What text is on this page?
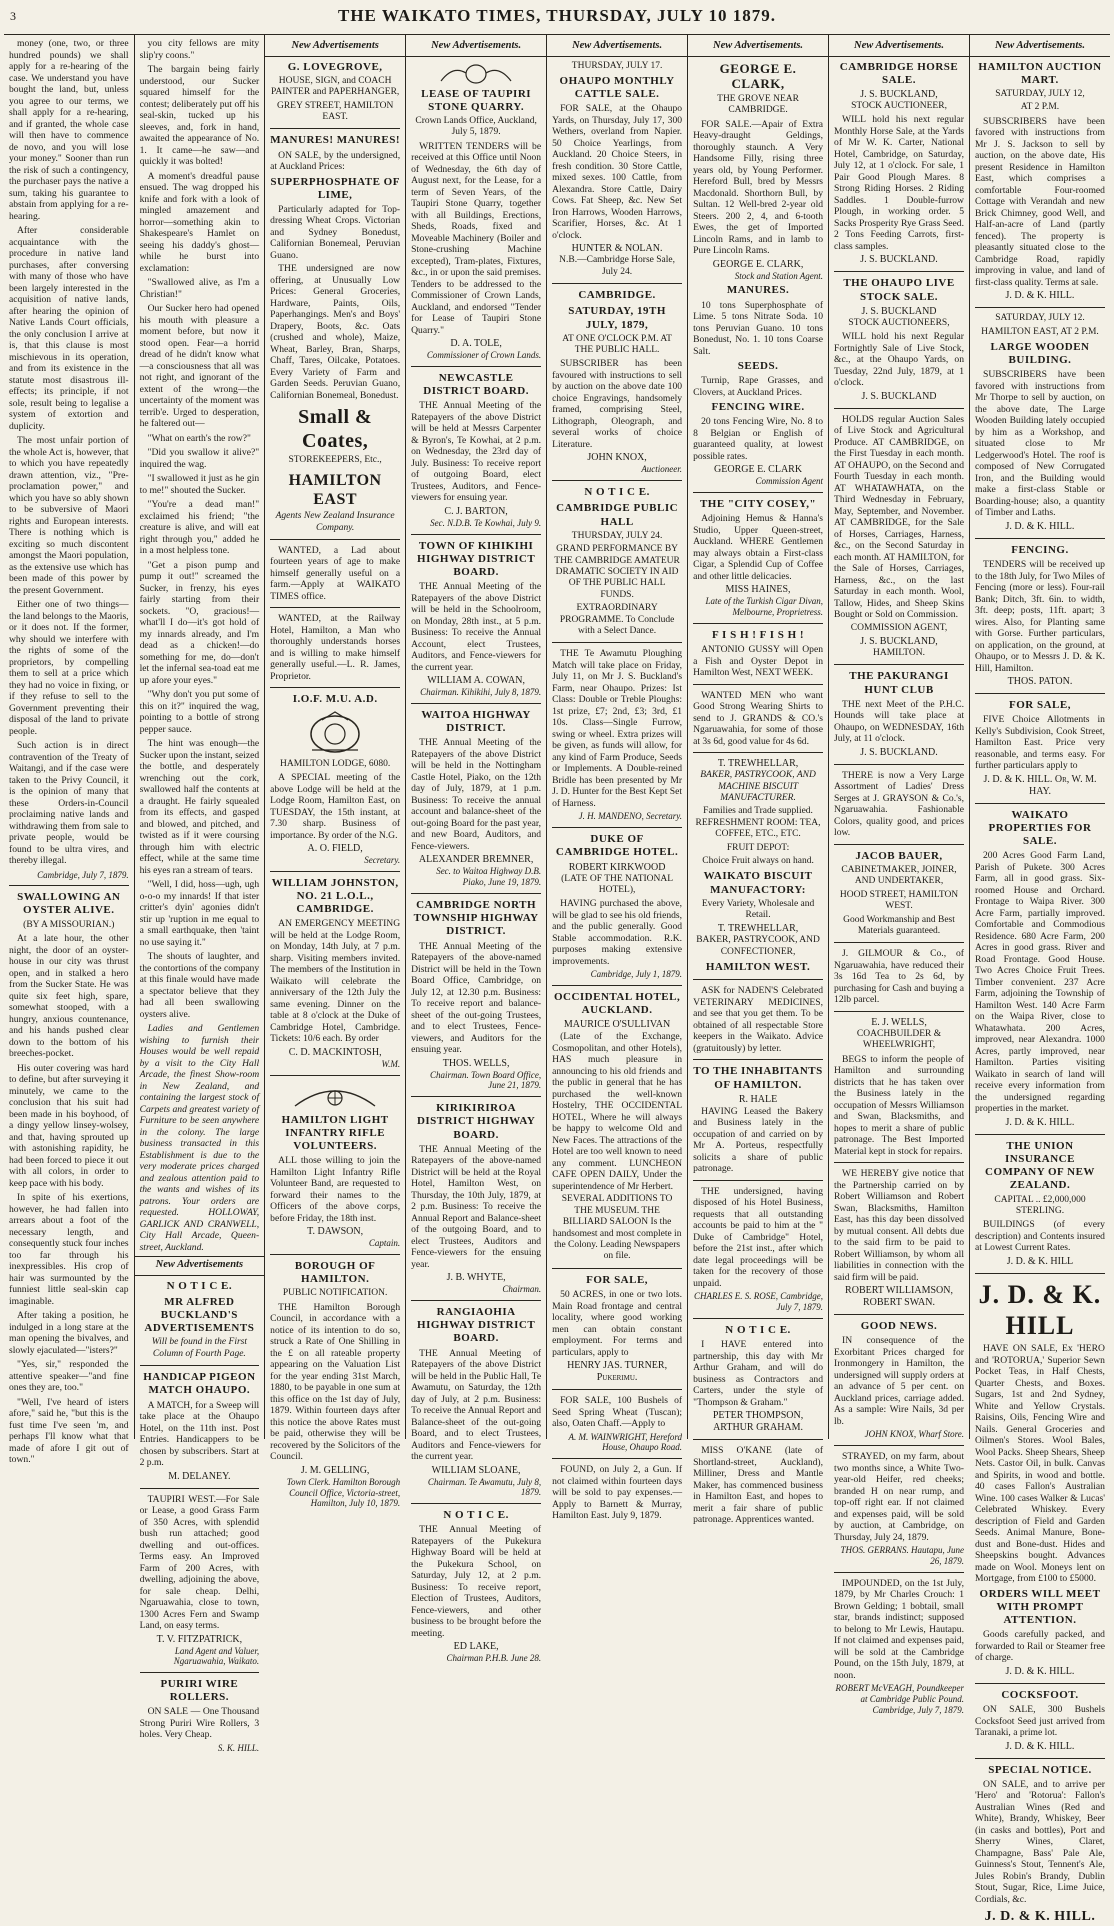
3	THE WAIKATO TIMES, THURSDAY, JULY 10 1879.

money (one, two, or three hundred pounds) we shall apply for a re-hearing of the case. We understand you have bought the land, but, unless you agree to our terms, we shall apply for a re-hearing, and if granted, the whole case will then have to commence de novo, and you will lose your money." Sooner than run the risk of such a contingency, the purchaser pays the native a sum, taking his guarantee to abstain from applying for a re-hearing.

After considerable acquaintance with the procedure in native land purchases, after conversing with many of those who have been largely interested in the acquisition of native lands, after hearing the opinion of Native Lands Court officials, the only conclusion I arrive at is, that this clause is most mischievous in its operation, and from its existence in the statute most disastrous ill-effects; its principle, if not sole, result being to legalise a system of extortion and duplicity.

The most unfair portion of the whole Act is, however, that to which you have repeatedly drawn attention, viz., "Pre-proclamation power," and which you have so ably shown to be subversive of Maori rights and European interests. There is nothing which is exciting so much discontent amongst the Maori population, as the extensive use which has been made of this power by the present Government.

Either one of two things—the land belongs to the Maoris, or it does not. If the former, why should we interfere with the rights of some of the proprietors, by compelling them to sell at a price which they had no voice in fixing, or if they refuse to sell to the Government preventing their disposal of the land to private people.

Such action is in direct contravention of the Treaty of Waitangi, and if the case were taken to the Privy Council, it is the opinion of many that these Orders-in-Council proclaiming native lands and withdrawing them from sale to private people, would be found to be ultra vires, and thereby illegal.

Cambridge, July 7, 1879.

SWALLOWING AN OYSTER ALIVE.
(BY A MISSOURIAN.)

At a late hour, the other night, the door of an oyster-house in our city was thrust open, and in stalked a hero from the Sucker State. He was quite six feet high, spare, somewhat stooped, with a hungry, anxious countenance, and his hands pushed clear down to the bottom of his breeches-pocket.

His outer covering was hard to define, but after surveying it minutely, we came to the conclusion that his suit had been made in his boyhood, of a dingy yellow linsey-wolsey, and that, having sprouted up with astonishing rapidity, he had been forced to piece it out with all colors, in order to keep pace with his body.

In spite of his exertions, however, he had fallen into arrears about a foot of the necessary length, and consequently stuck four inches too far through his inexpressibles. His crop of hair was surmounted by the funniest little seal-skin cap imaginable.

After taking a position, he indulged in a long stare at the man opening the bivalves, and slowly ejaculated—"isters?"

"Yes, sir," responded the attentive speaker—"and fine ones they are, too."

"Well, I've heard of isters afore," said he, "but this is the fust time I've seen 'm, and perhaps I'll know what that made of afore I git out of town."

you city fellows are mity slip'ry coons."

The bargain being fairly understood, our Sucker squared himself for the contest; deliberately put off his seal-skin, tucked up his sleeves, and, fork in hand, awaited the appearance of No. 1. It came—he saw—and quickly it was bolted!

A moment's dreadful pause ensued. The wag dropped his knife and fork with a look of mingled amazement and horror—something akin to Shakespeare's Hamlet on seeing his daddy's ghost—while he burst into exclamation:

"Swallowed alive, as I'm a Christian!"

Our Sucker hero had opened his mouth with pleasure a moment before, but now it stood open. Fear—a horrid dread of he didn't know what—a consciousness that all was not right, and ignorant of the extent of the wrong—the uncertainty of the moment was terrib'e. Urged to desperation, he faltered out—

"What on earth's the row?"

"Did you swallow it alive?" inquired the wag.

"I swallowed it just as he gin to me!" shouted the Sucker.

"You're a dead man!" exclaimed his friend; "the creature is alive, and will eat right through you," added he in a most helpless tone.

"Get a pison pump and pump it out!" screamed the Sucker, in frenzy, his eyes fairly starting from their sockets. "O, gracious!—what'll I do—it's got hold of my innards already, and I'm dead as a chicken!—do something for me, do—don't let the infernal sea-toad eat me up afore your eyes."

"Why don't you put some of this on it?" inquired the wag, pointing to a bottle of strong pepper sauce.

The hint was enough—the Sucker upon the instant, seized the bottle, and desperately wrenching out the cork, swallowed half the contents at a draught. He fairly squealed from its effects, and gasped and blowed, and pitched, and twisted as if it were coursing through him with electric effect, while at the same time his eyes ran a stream of tears.

"Well, I did, hoss—ugh, ugh o-o-o my innards! If that ister critter's dyin' agonies didn't stir up 'ruption in me equal to a small earthquake, then 'taint no use saying it."

The shouts of laughter, and the contortions of the company at this finale would have made a spectator believe that they had all been swallowing oysters alive.

Ladies and Gentlemen wishing to furnish their Houses would be well repaid by a visit to the City Hall Arcade, the finest Show-room in New Zealand, and containing the largest stock of Carpets and greatest variety of Furniture to be seen anywhere in the colony. The large business transacted in this Establishment is due to the very moderate prices charged and zealous attention paid to the wants and wishes of its patrons. Your orders are requested. HOLLOWAY, GARLICK AND CRANWELL, City Hall Arcade, Queen-street, Auckland.

New Advertisements
N O T I C E.
MR ALFRED BUCKLAND'S ADVERTISEMENTS
Will be found in the First Column of Fourth Page.
HANDICAP PIGEON MATCH OHAUPO.

A MATCH, for a Sweep will take place at the Ohaupo Hotel, on the 11th inst. Post Entries. Handicappers to be chosen by subscribers. Start at 2 p.m.

M. DELANEY.

TAUPIRI WEST.—For Sale or Lease, a good Grass Farm of 350 Acres, with splendid bush run attached; good dwelling and out-offices. Terms easy. An Improved Farm of 200 Acres, with dwelling, adjoining the above, for sale cheap. Delhi, Ngaruawahia, close to town, 1300 Acres Fern and Swamp Land, on easy terms.

T. V. FITZPATRICK,
Land Agent and Valuer, Ngaruawahia, Waikato.
PURIRI WIRE ROLLERS.

ON SALE — One Thousand Strong Puriri Wire Rollers, 3 holes. Very Cheap.

S. K. HILL.
New Advertisements
G. LOVEGROVE,
HOUSE, SIGN, and COACH PAINTER and PAPERHANGER,
GREY STREET, HAMILTON EAST.
MANURES! MANURES!

ON SALE, by the undersigned, at Auckland Prices:

SUPERPHOSPHATE OF LIME,

Particularly adapted for Top-dressing Wheat Crops. Victorian and Sydney Bonedust, Californian Bonemeal, Peruvian Guano.

THE undersigned are now offering, at Unusually Low Prices: General Groceries, Hardware, Paints, Oils, Paperhangings. Men's and Boys' Drapery, Boots, &c. Oats (crushed and whole), Maize, Wheat, Barley, Bran, Sharps, Chaff, Tares, Oilcake, Potatoes. Every Variety of Farm and Garden Seeds. Peruvian Guano, Californian Bonemeal, Bonedust.

Small & Coates,
STOREKEEPERS, Etc.,
HAMILTON EAST
Agents New Zealand Insurance Company.

WANTED, a Lad about fourteen years of age to make himself generally useful on a farm.—Apply at WAIKATO TIMES office.

WANTED, at the Railway Hotel, Hamilton, a Man who thoroughly understands horses and is willing to make himself generally useful.—L. R. James, Proprietor.

I.O.F. M.U. A.D.
HAMILTON LODGE, 6080.

A SPECIAL meeting of the above Lodge will be held at the Lodge Room, Hamilton East, on TUESDAY, the 15th instant, at 7.30 sharp. Business of importance. By order of the N.G.

A. O. FIELD,
Secretary.
WILLIAM JOHNSTON, NO. 21 L.O.L., CAMBRIDGE.

AN EMERGENCY MEETING will be held at the Lodge Room, on Monday, 14th July, at 7 p.m. sharp. Visiting members invited. The members of the Institution in Waikato will celebrate the anniversary of the 12th July the same evening. Dinner on the table at 8 o'clock at the Duke of Cambridge Hotel, Cambridge. Tickets: 10/6 each. By order

C. D. MACKINTOSH,
W.M.
HAMILTON LIGHT INFANTRY RIFLE VOLUNTEERS.

ALL those willing to join the Hamilton Light Infantry Rifle Volunteer Band, are requested to forward their names to the Officers of the above corps, before Friday, the 18th inst.

T. DAWSON,
Captain.
BOROUGH OF HAMILTON.
PUBLIC NOTIFICATION.

THE Hamilton Borough Council, in accordance with a notice of its intention to do so, struck a Rate of One Shilling in the £ on all rateable property appearing on the Valuation List for the year ending 31st March, 1880, to be payable in one sum at this office on the 1st day of July, 1879. Within fourteen days after this notice the above Rates must be paid, otherwise they will be recovered by the Solicitors of the Council.

J. M. GELLING,
Town Clerk. Hamilton Borough Council Office, Victoria-street, Hamilton, July 10, 1879.
New Advertisements.
LEASE OF TAUPIRI STONE QUARRY.
Crown Lands Office, Auckland, July 5, 1879.

WRITTEN TENDERS will be received at this Office until Noon of Wednesday, the 6th day of August next, for the Lease, for a term of Seven Years, of the Taupiri Stone Quarry, together with all Buildings, Erections, Sheds, Roads, fixed and Moveable Machinery (Boiler and Stone-crushing Machine excepted), Tram-plates, Fixtures, &c., in or upon the said premises. Tenders to be addressed to the Commissioner of Crown Lands, Auckland, and endorsed "Tender for Lease of Taupiri Stone Quarry."

D. A. TOLE,
Commissioner of Crown Lands.
NEWCASTLE DISTRICT BOARD.

THE Annual Meeting of the Ratepayers of the above District will be held at Messrs Carpenter & Byron's, Te Kowhai, at 2 p.m. on Wednesday, the 23rd day of July. Business: To receive report of outgoing Board, elect Trustees, Auditors, and Fence-viewers for ensuing year.

C. J. BARTON,
Sec. N.D.B. Te Kowhai, July 9.
TOWN OF KIHIKIHI HIGHWAY DISTRICT BOARD.

THE Annual Meeting of the Ratepayers of the above District will be held in the Schoolroom, on Monday, 28th inst., at 5 p.m. Business: To receive the Annual Account, elect Trustees, Auditors, and Fence-viewers for the current year.

WILLIAM A. COWAN,
Chairman. Kihikihi, July 8, 1879.
WAITOA HIGHWAY DISTRICT.

THE Annual Meeting of the Ratepayers of the above District will be held in the Nottingham Castle Hotel, Piako, on the 12th day of July, 1879, at 1 p.m. Business: To receive the annual account and balance-sheet of the out-going Board for the past year, and new Board, Auditors, and Fence-viewers.

ALEXANDER BREMNER,
Sec. to Waitoa Highway D.B. Piako, June 19, 1879.
CAMBRIDGE NORTH TOWNSHIP HIGHWAY DISTRICT.

THE Annual Meeting of the Ratepayers of the above-named District will be held in the Town Board Office, Cambridge, on July 12, at 12.30 p.m. Business: To receive report and balance-sheet of the out-going Trustees, and to elect Trustees, Fence-viewers, and Auditors for the ensuing year.

THOS. WELLS,
Chairman. Town Board Office, June 21, 1879.
KIRIKIRIROA DISTRICT HIGHWAY BOARD.

THE Annual Meeting of the Ratepayers of the above-named District will be held at the Royal Hotel, Hamilton West, on Thursday, the 10th July, 1879, at 2 p.m. Business: To receive the Annual Report and Balance-sheet of the outgoing Board, and to elect Trustees, Auditors and Fence-viewers for the ensuing year.

J. B. WHYTE,
Chairman.
RANGIAOHIA HIGHWAY DISTRICT BOARD.

THE Annual Meeting of Ratepayers of the above District will be held in the Public Hall, Te Awamutu, on Saturday, the 12th day of July, at 2 p.m. Business: To receive the Annual Report and Balance-sheet of the out-going Board, and to elect Trustees, Auditors and Fence-viewers for the current year.

WILLIAM SLOANE,
Chairman. Te Awamutu, July 8, 1879.
N O T I C E.

THE Annual Meeting of Ratepayers of the Pukekura Highway Board will be held at the Pukekura School, on Saturday, July 12, at 2 p.m. Business: To receive report, Election of Trustees, Auditors, Fence-viewers, and other business to be brought before the meeting.

ED LAKE,
Chairman P.H.B. June 28.
New Advertisements.
THURSDAY, JULY 17.
OHAUPO MONTHLY CATTLE SALE.

FOR SALE, at the Ohaupo Yards, on Thursday, July 17, 300 Wethers, overland from Napier. 50 Choice Yearlings, from Auckland. 20 Choice Steers, in fresh condition. 30 Store Cattle, mixed sexes. 100 Cattle, from Alexandra. Store Cattle, Dairy Cows. Fat Sheep, &c. New Set Iron Harrows, Wooden Harrows, Scarifier, Horses, &c. At 1 o'clock.

HUNTER & NOLAN.
N.B.—Cambridge Horse Sale, July 24.
CAMBRIDGE.
SATURDAY, 19TH JULY, 1879,
AT ONE O'CLOCK P.M. AT THE PUBLIC HALL.

SUBSCRIBER has been favoured with instructions to sell by auction on the above date 100 choice Engravings, handsomely framed, comprising Steel, Lithograph, Oleograph, and several works of choice Literature.

JOHN KNOX,
Auctioneer.
N O T I C E.
CAMBRIDGE PUBLIC HALL
THURSDAY, JULY 24.

GRAND PERFORMANCE BY THE CAMBRIDGE AMATEUR DRAMATIC SOCIETY IN AID OF THE PUBLIC HALL FUNDS.

EXTRAORDINARY PROGRAMME. To Conclude with a Select Dance.

THE Te Awamutu Ploughing Match will take place on Friday, July 11, on Mr J. S. Buckland's Farm, near Ohaupo. Prizes: Ist Class: Double or Treble Ploughs: 1st prize, £7; 2nd, £3; 3rd, £1 10s. Class—Single Furrow, swing or wheel. Extra prizes will be given, as funds will allow, for any kind of Farm Produce, Seeds or Implements. A Double-reined Bridle has been presented by Mr J. D. Hunter for the Best Kept Set of Harness.

J. H. MANDENO, Secretary.
DUKE OF CAMBRIDGE HOTEL.
ROBERT KIRKWOOD
(LATE OF THE NATIONAL HOTEL),

HAVING purchased the above, will be glad to see his old friends, and the public generally. Good Stable accommodation. R.K. purposes making extensive improvements.

Cambridge, July 1, 1879.
OCCIDENTAL HOTEL, AUCKLAND.
MAURICE O'SULLIVAN

(Late of the Exchange, Cosmopolitan, and other Hotels), HAS much pleasure in announcing to his old friends and the public in general that he has purchased the well-known Hostelry, THE OCCIDENTAL HOTEL, Where he will always be happy to welcome Old and New Faces. The attractions of the Hotel are too well known to need any comment. LUNCHEON CAFE OPEN DAILY, Under the superintendence of Mr Herbert.

SEVERAL ADDITIONS TO THE MUSEUM. THE BILLIARD SALOON Is the handsomest and most complete in the Colony. Leading Newspapers on file.

FOR SALE,

50 ACRES, in one or two lots. Main Road frontage and central locality, where good working men can obtain constant employment. For terms and particulars, apply to

HENRY JAS. TURNER, Pukerimu.

FOR SALE, 100 Bushels of Seed Spring Wheat (Tuscan); also, Oaten Chaff.—Apply to

A. M. WAINWRIGHT, Hereford House, Ohaupo Road.

FOUND, on July 2, a Gun. If not claimed within fourteen days will be sold to pay expenses.—Apply to Barnett & Murray, Hamilton East. July 9, 1879.

New Advertisements.
GEORGE E. CLARK,
THE GROVE NEAR CAMBRIDGE.

FOR SALE.—Apair of Extra Heavy-draught Geldings, thoroughly staunch. A Very Handsome Filly, rising three years old, by Young Performer. Hereford Bull, bred by Messrs Macdonald. Shorthorn Bull, by Sultan. 12 Well-bred 2-year old Steers. 200 2, 4, and 6-tooth Ewes, the get of Imported Lincoln Rams, and in lamb to Pure Lincoln Rams.

GEORGE E. CLARK,
Stock and Station Agent.
MANURES.

10 tons Superphosphate of Lime. 5 tons Nitrate Soda. 10 tons Peruvian Guano. 10 tons Bonedust, No. 1. 10 tons Coarse Salt.

SEEDS.

Turnip, Rape Grasses, and Clovers, at Auckland Prices.

FENCING WIRE.

20 tons Fencing Wire, No. 8 to 8 Belgian or English of guaranteed quality, at lowest possible rates.

GEORGE E. CLARK
Commission Agent
THE "CITY COSEY,"

Adjoining Hemus & Hanna's Studio, Upper Queen-street, Auckland. WHERE Gentlemen may always obtain a First-class Cigar, a Splendid Cup of Coffee and other little delicacies.

MISS HAINES,
Late of the Turkish Cigar Divan, Melbourne, Proprietress.
F I S H ! F I S H !

ANTONIO GUSSY will Open a Fish and Oyster Depot in Hamilton West, NEXT WEEK.

WANTED MEN who want Good Strong Wearing Shirts to send to J. GRANDS & CO.'s Ngaruawahia, for some of those at 3s 6d, good value for 4s 6d.

T. TREWHELLAR,
BAKER, PASTRYCOOK, AND MACHINE BISCUIT MANUFACTURER.

Families and Trade supplied. REFRESHMENT ROOM: TEA, COFFEE, ETC., ETC.

FRUIT DEPOT:
Choice Fruit always on hand.
WAIKATO BISCUIT MANUFACTORY:
Every Variety, Wholesale and Retail.
T. TREWHELLAR,
BAKER, PASTRYCOOK, AND CONFECTIONER,
HAMILTON WEST.

ASK for NADEN'S Celebrated VETERINARY MEDICINES, and see that you get them. To be obtained of all respectable Store keepers in the Waikato. Advice (gratuitously) by letter.

TO THE INHABITANTS OF HAMILTON.
R. HALE

HAVING Leased the Bakery and Business lately in the occupation of and carried on by Mr A. Porteus, respectfully solicits a share of public patronage.

THE undersigned, having disposed of his Hotel Business, requests that all outstanding accounts be paid to him at the " Duke of Cambridge" Hotel, before the 21st inst., after which date legal proceedings will be taken for the recovery of those unpaid.

CHARLES E. S. ROSE, Cambridge, July 7, 1879.
N O T I C E.

I HAVE entered into partnership, this day with Mr Arthur Graham, and will do business as Contractors and Carters, under the style of "Thompson & Graham."

PETER THOMPSON, ARTHUR GRAHAM.

MISS O'KANE (late of Shortland-street, Auckland), Milliner, Dress and Mantle Maker, has commenced business in Hamilton East, and hopes to merit a fair share of public patronage. Apprentices wanted.

New Advertisements.
CAMBRIDGE HORSE SALE.
J. S. BUCKLAND,
STOCK AUCTIONEER,

WILL hold his next regular Monthly Horse Sale, at the Yards of Mr W. K. Carter, National Hotel, Cambridge, on Saturday, July 12, at 1 o'clock. For sale, 1 Pair Good Plough Mares. 8 Strong Riding Horses. 2 Riding Saddles. 1 Double-furrow Plough, in working order. 5 Sacks Prosperity Rye Grass Seed. 2 Tons Feeding Carrots, first-class samples.

J. S. BUCKLAND.
THE OHAUPO LIVE STOCK SALE.
J. S. BUCKLAND
STOCK AUCTIONEERS,

WILL hold his next Regular Fortnightly Sale of Live Stock, &c., at the Ohaupo Yards, on Tuesday, 22nd July, 1879, at 1 o'clock.

J. S. BUCKLAND

HOLDS regular Auction Sales of Live Stock and Agricultural Produce. AT CAMBRIDGE, on the First Tuesday in each month. AT OHAUPO, on the Second and Fourth Tuesday in each month. AT WHATAWHATA, on the Third Wednesday in February, May, September, and November. AT CAMBRIDGE, for the Sale of Horses, Carriages, Harness, &c., on the Second Saturday in each month. AT HAMILTON, for the Sale of Horses, Carriages, Harness, &c., on the last Saturday in each month. Wool, Tallow, Hides, and Sheep Skins Bought or Sold on Commission.

COMMISSION AGENT,
J. S. BUCKLAND,
HAMILTON.
THE PAKURANGI HUNT CLUB

THE next Meet of the P.H.C. Hounds will take place at Ohaupo, on WEDNESDAY, 16th July, at 11 o'clock.

J. S. BUCKLAND.

THERE is now a Very Large Assortment of Ladies' Dress Serges at J. GRAYSON & Co.'s, Ngaruawahia. Fashionable Colors, quality good, and prices low.

JACOB BAUER,
CABINETMAKER, JOINER, AND UNDERTAKER,
HOOD STREET, HAMILTON WEST.

Good Workmanship and Best Materials guaranteed.

J. GILMOUR & Co., of Ngaruawahia, have reduced their 3s 16d Tea to 2s 6d, by purchasing for Cash and buying a 12lb parcel.

E. J. WELLS,
COACHBUILDER & WHEELWRIGHT,

BEGS to inform the people of Hamilton and surrounding districts that he has taken over the Business lately in the occupation of Messrs Williamson and Swan, Blacksmiths, and hopes to merit a share of public patronage. The Best Imported Material kept in stock for repairs.

WE HEREBY give notice that the Partnership carried on by Robert Williamson and Robert Swan, Blacksmiths, Hamilton East, has this day been dissolved by mutual consent. All debts due to the said firm to be paid to Robert Williamson, by whom all liabilities in connection with the said firm will be paid.

ROBERT WILLIAMSON, ROBERT SWAN.
GOOD NEWS.

IN consequence of the Exorbitant Prices charged for Ironmongery in Hamilton, the undersigned will supply orders at an advance of 5 per cent. on Auckland prices, carriage added. As a sample: Wire Nails, 3d per lb.

JOHN KNOX, Wharf Store.

STRAYED, on my farm, about two months since, a White Two-year-old Heifer, red cheeks; branded H on near rump, and top-off right ear. If not claimed and expenses paid, will be sold by auction, at Cambridge, on Thursday, July 24, 1879.

THOS. GERRANS. Hautapu, June 26, 1879.

IMPOUNDED, on the 1st July, 1879, by Mr Charles Crouch: 1 Brown Gelding; 1 bobtail, small star, brands indistinct; supposed to belong to Mr Lewis, Hautapu. If not claimed and expenses paid, will be sold at the Cambridge Pound, on the 15th July, 1879, at noon.

ROBERT McVEAGH, Poundkeeper at Cambridge Public Pound. Cambridge, July 7, 1879.
New Advertisements.
HAMILTON AUCTION MART.
SATURDAY, JULY 12,
AT 2 P.M.

SUBSCRIBERS have been favored with instructions from Mr J. S. Jackson to sell by auction, on the above date, His present Residence in Hamilton East, which comprises a comfortable Four-roomed Cottage with Verandah and new Brick Chimney, good Well, and Half-an-acre of Land (partly fenced). The property is pleasantly situated close to the Cambridge Road, rapidly improving in value, and land of first-class quality. Terms at sale.

J. D. & K. HILL.
SATURDAY, JULY 12.
HAMILTON EAST, AT 2 P.M.
LARGE WOODEN BUILDING.

SUBSCRIBERS have been favored with instructions from Mr Thorpe to sell by auction, on the above date, The Large Wooden Building lately occupied by him as a Workshop, and situated close to Mr Ledgerwood's Hotel. The roof is composed of New Corrugated Iron, and the Building would make a first-class Stable or Boarding-house; also, a quantity of Timber and Laths.

J. D. & K. HILL.
FENCING.

TENDERS will be received up to the 18th July, for Two Miles of Fencing (more or less). Four-rail Bank; Ditch, 3ft. 6in. to width, 3ft. deep; posts, 11ft. apart; 3 wires. Also, for Planting same with Gorse. Further particulars, on application, on the ground, at Ohaupo, or to Messrs J. D. & K. Hill, Hamilton.

THOS. PATON.
FOR SALE,

FIVE Choice Allotments in Kelly's Subdivision, Cook Street, Hamilton East. Price very reasonable, and terms easy. For further particulars apply to

J. D. & K. HILL. Or, W. M. HAY.
WAIKATO PROPERTIES FOR SALE.

200 Acres Good Farm Land, Parish of Pukete. 300 Acres Farm, all in good grass. Six-roomed House and Orchard. Frontage to Waipa River. 300 Acre Farm, partially improved. Comfortable and Commodious Residence. 680 Acre Farm, 200 Acres in good grass. River and Road Frontage. Good House. Two Acres Choice Fruit Trees. Timber convenient. 237 Acre Farm, adjoining the Township of Hamilton West. 140 Acre Farm on the Waipa River, close to Whatawhata. 200 Acres, improved, near Alexandra. 1000 Acres, partly improved, near Hamilton. Parties visiting Waikato in search of land will receive every information from the undersigned regarding properties in the market.

J. D. & K. HILL.
THE UNION INSURANCE COMPANY OF NEW ZEALAND.
CAPITAL .. £2,000,000 STERLING.

BUILDINGS (of every description) and Contents insured at Lowest Current Rates.

J. D. & K. HILL
J. D. & K. HILL

HAVE ON SALE, Ex 'HERO and 'ROTORUA,' Superior Sewn Pocket Teas, in Half Chests, Quarter Chests, and Boxes. Sugars, 1st and 2nd Sydney, White and Yellow Crystals. Raisins, Oils, Fencing Wire and Nails. General Groceries and Oilmen's Stores. Wool Bales, Wool Packs. Sheep Shears, Sheep Nets. Castor Oil, in bulk. Canvas and Spirits, in wood and bottle. 40 cases Fallon's Australian Wine. 100 cases Walker & Lucas' Celebrated Whiskey. Every description of Field and Garden Seeds. Animal Manure, Bone-dust and Bone-dust. Hides and Sheepskins bought. Advances made on Wool. Moneys lent on Mortgage, from £100 to £5000.

ORDERS WILL MEET WITH PROMPT ATTENTION.

Goods carefully packed, and forwarded to Rail or Steamer free of charge.

J. D. & K. HILL.
COCKSFOOT.

ON SALE, 300 Bushels Cocksfoot Seed just arrived from Taranaki, a prime lot.

J. D. & K. HILL.
SPECIAL NOTICE.

ON SALE, and to arrive per 'Hero' and 'Rotorua': Fallon's Australian Wines (Red and White), Brandy, Whiskey, Beer (in casks and bottles), Port and Sherry Wines, Claret, Champagne, Bass' Pale Ale, Guinness's Stout, Tennent's Ale, Jules Robin's Brandy, Dublin Stout, Sugar, Rice, Lime Juice, Cordials, &c.

J. D. & K. HILL.
